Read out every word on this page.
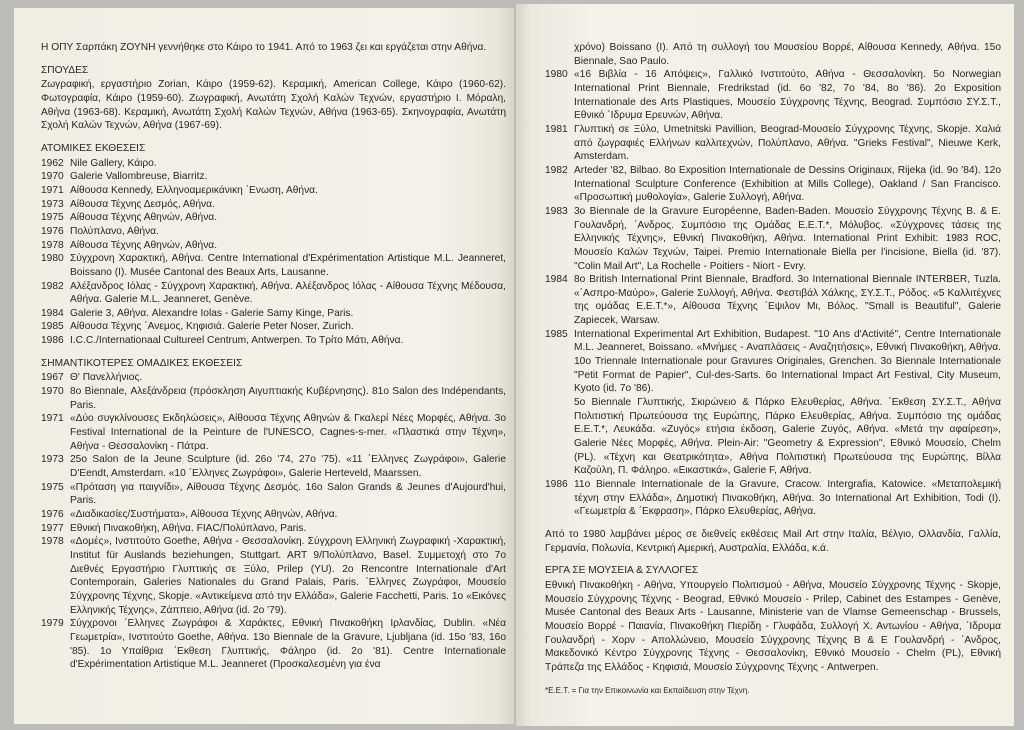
Η ΟΠΥ Σαρπάκη ΖΟΥΝΗ γεννήθηκε στο Κάιρο το 1941. Από το 1963 ζει και εργάζεται στην Αθήνα.

ΣΠΟΥΔΕΣ

Ζωγραφική, εργαστήριο Zorian, Κάιρο (1959-62). Κεραμική, American College, Κάιρο (1960-62). Φωτογραφία, Κάιρο (1959-60). Ζωγραφική, Ανωτάτη Σχολή Καλών Τεχνών, εργαστήριο Ι. Μόραλη, Αθήνα (1963-68). Κεραμική, Ανωτάτη Σχολή Καλών Τεχνών, Αθήνα (1963-65). Σκηνογραφία, Ανωτάτη Σχολή Καλών Τεχνών, Αθήνα (1967-69).

ΑΤΟΜΙΚΕΣ ΕΚΘΕΣΕΙΣ

1962 Nile Gallery, Κάιρο.
1970 Galerie Vallombreuse, Biarritz.
1971 Αίθουσα Kennedy, Ελληνοαμερικάνικη ΄Ενωση, Αθήνα.
1973 Αίθουσα Τέχνης Δεσμός, Αθήνα.
1975 Αίθουσα Τέχνης Αθηνών, Αθήνα.
1976 Πολύπλανο, Αθήνα.
1978 Αίθουσα Τέχνης Αθηνών, Αθήνα.
1980 Σύγχρονη Χαρακτική, Αθήνα. Centre International d'Expérimentation Artistique M.L. Jeanneret, Boissano (I). Musée Cantonal des Beaux Arts, Lausanne.
1982 Αλέξανδρος Ιόλας - Σύγχρονη Χαρακτική, Αθήνα. Αλέξανδρος Ιόλας - Αίθουσα Τέχνης Μέδουσα, Αθήνα. Galerie M.L. Jeanneret, Genève.
1984 Galerie 3, Αθήνα. Alexandre Iolas - Galerie Samy Kinge, Paris.
1985 Αίθουσα Τέχνης ΄Ανεμος, Κηφισιά. Galerie Peter Noser, Zurich.
1986 I.C.C./Internationaal Cultureel Centrum, Antwerpen. Το Τρίτο Μάτι, Αθήνα.

ΣΗΜΑΝΤΙΚΟΤΕΡΕΣ ΟΜΑΔΙΚΕΣ ΕΚΘΕΣΕΙΣ

1967 Θ' Πανελλήνιος.
1970 8ο Biennale, Αλεξάνδρεια (πρόσκληση Αιγυπτιακής Κυβέρνησης). 81ο Salon des Indépendants, Paris.
1971 «Δύο συγκλίνουσες Εκδηλώσεις», Αίθουσα Τέχνης Αθηνών & Γκαλερί Νέες Μορφές, Αθήνα. 3ο Festival International de la Peinture de l'UNESCO, Cagnes-s-mer. «Πλαστικά στην Τέχνη», Αθήνα - Θεσσαλονίκη - Πάτρα.
1973 25ο Salon de la Jeune Sculpture (id. 26ο '74, 27ο '75). «11 ΄Ελληνες Ζωγράφοι», Galerie D'Eendt, Amsterdam. «10 ΄Ελληνες Ζωγράφοι», Galerie Herteveld, Maarssen.
1975 «Πρόταση για παιγνίδι», Αίθουσα Τέχνης Δεσμός. 16ο Salon Grands & Jeunes d'Aujourd'hui, Paris.
1976 «Διαδικασίες/Συστήματα», Αίθουσα Τέχνης Αθηνών, Αθήνα.
1977 Εθνική Πινακοθήκη, Αθήνα. FIAC/Πολύπλανο, Paris.
1978 «Δομές», Ινστιτούτο Goethe, Αθήνα - Θεσσαλονίκη. Σύγχρονη Ελληνική Ζωγραφική -Χαρακτική, Institut für Auslands beziehungen, Stuttgart. ART 9/Πολύπλανο, Basel. Συμμετοχή στο 7ο Διεθνές Εργαστήριο Γλυπτικής σε Ξύλο, Prilep (YU). 2ο Rencontre Internationale d'Art Contemporain, Galeries Nationales du Grand Palais, Paris. ΄Ελληνες Ζωγράφοι, Μουσείο Σύγχρονης Τέχνης, Skopje. «Αντικείμενα από την Ελλάδα», Galerie Facchetti, Paris. 1ο «Εικόνες Ελληνικής Τέχνης», Ζάππειο, Αθήνα (id. 2ο '79).
1979 Σύγχρονοι ΄Ελληνες Ζωγράφοι & Χαράκτες, Εθνική Πινακοθήκη Ιρλανδίας, Dublin. «Νέα Γεωμετρία», Ινστιτούτο Goethe, Αθήνα. 13ο Biennale de la Gravure, Ljubljana (id. 15ο '83, 16ο '85). 1ο Υπαίθρια ΄Εκθεση Γλυπτικής, Φάληρο (id. 2ο '81). Centre Internationale d'Expérimentation Artistique M.L. Jeanneret (Προσκαλεσμένη για ένα
χρόνο) Boissano (I). Από τη συλλογή του Μουσείου Βορρέ, Αίθουσα Kennedy, Αθήνα. 15ο Biennale, Sao Paulo.
1980 «16 Βιβλία - 16 Απόψεις», Γαλλικό Ινστιτούτο, Αθήνα - Θεσσαλονίκη. 5ο Norwegian International Print Biennale, Fredrikstad (id. 6ο '82, 7ο '84, 8ο '86). 2ο Exposition Internationale des Arts Plastiques, Μουσείο Σύγχρονης Τέχνης, Beograd. Συμπόσιο ΣΥ.Σ.Τ., Εθνικό ΄Ιδρυμα Ερευνών, Αθήνα.
1981 Γλυπτική σε Ξύλο, Umetnitski Pavillion, Beograd-Μουσείο Σύγχρονης Τέχνης, Skopje. Χαλιά από ζωγραφιές Ελλήνων καλλιτεχνών, Πολύπλανο, Αθήνα. "Grieks Festival", Nieuwe Kerk, Amsterdam.
1982 Arteder '82, Bilbao. 8ο Exposition Internationale de Dessins Originaux, Rijeka (id. 9ο '84). 12ο International Sculpture Conference (Exhibition at Mills College), Oakland / San Francisco. «Προσωπική μυθολογία», Galerie Συλλογή, Αθήνα.
1983 3ο Biennale de la Gravure Européenne, Baden-Baden. Μουσείο Σύγχρονης Τέχνης Β. & Ε. Γουλανδρή, ΄Ανδρος. Συμπόσιο της Ομάδας Ε.Ε.Τ.*, Μόλυβος. «Σύγχρονες τάσεις της Ελληνικής Τέχνης», Εθνική Πινακοθήκη, Αθήνα. International Print Exhibit: 1983 ROC, Μουσείο Καλών Τεχνών, Taipei. Premio Internationale Biella per l'incisione, Biella (id. '87). "Colin Mail Art", La Rochelle - Poitiers - Niort - Evry.
1984 8ο British International Print Biennale, Bradford. 3ο International Biennale INTERBER, Tuzla. «΄Ασπρο-Μαύρο», Galerie Συλλογή, Αθήνα. Φεστιβάλ Χάλκης, ΣΥ.Σ.Τ., Ρόδος. «5 Καλλιτέχνες της ομάδας Ε.Ε.Τ.*», Αίθουσα Τέχνης ΄Εψιλον Μι, Βόλος. "Small is Beautiful", Galerie Zapiecek, Warsaw.
1985 International Experimental Art Exhibition, Budapest. "10 Ans d'Activité", Centre Internationale M.L. Jeanneret, Boissano. «Μνήμες - Αναπλάσεις - Αναζητήσεις», Εθνική Πινακοθήκη, Αθήνα. 10ο Triennale Internationale pour Gravures Originales, Grenchen. 3ο Biennale Internationale "Petit Format de Papier", Cul-des-Sarts. 6ο International Impact Art Festival, City Museum, Kyoto (id. 7ο '86).
5ο Biennale Γλυπτικής, Σκιρώνειο & Πάρκο Ελευθερίας, Αθήνα. ΄Εκθεση ΣΥ.Σ.Τ., Αθήνα Πολιτιστική Πρωτεύουσα της Ευρώπης, Πάρκο Ελευθερίας, Αθήνα. Συμπόσιο της ομάδας Ε.Ε.Τ.*, Λευκάδα. «Ζυγός» ετήσια έκδοση, Galerie Ζυγός, Αθήνα. «Μετά την αφαίρεση», Galerie Νέες Μορφές, Αθήνα. Plein-Air: "Geometry & Expression", Εθνικό Μουσείο, Chelm (PL). «Τέχνη και Θεατρικότητα», Αθήνα Πολιτιστική Πρωτεύουσα της Ευρώπης, Βίλλα Καζούλη, Π. Φάληρο. «Εικαστικά», Galerie F, Αθήνα.
1986 11ο Biennale Internationale de la Gravure, Cracow. Intergrafia, Katowice. «Μεταπολεμική τέχνη στην Ελλάδα», Δημοτική Πινακοθήκη, Αθήνα. 3ο International Art Exhibition, Todi (I). «Γεωμετρία & ΄Εκφραση», Πάρκο Ελευθερίας, Αθήνα.

Από το 1980 λαμβάνει μέρος σε διεθνείς εκθέσεις Mail Art στην Ιταλία, Βέλγιο, Ολλανδία, Γαλλία, Γερμανία, Πολωνία, Κεντρική Αμερική, Αυστραλία, Ελλάδα, κ.ά.

ΕΡΓΑ ΣΕ ΜΟΥΣΕΙΑ & ΣΥΛΛΟΓΕΣ

Εθνική Πινακοθήκη - Αθήνα, Υπουργείο Πολιτισμού - Αθήνα, Μουσείο Σύγχρονης Τέχνης - Skopje, Μουσείο Σύγχρονης Τέχνης - Beograd, Εθνικό Μουσείο - Prilep, Cabinet des Estampes - Genève, Musée Cantonal des Beaux Arts - Lausanne, Ministerie van de Vlamse Gemeenschap - Brussels, Μουσείο Βορρέ - Παιανία, Πινακοθήκη Πιερίδη - Γλυφάδα, Συλλογή Χ. Αντωνίου - Αθήνα, ΄Ιδρυμα Γουλανδρή - Χορν - Απολλώνειο, Μουσείο Σύγχρονης Τέχνης Β & Ε Γουλανδρή - ΄Ανδρος, Μακεδονικό Κέντρο Σύγχρονης Τέχνης - Θεσσαλονίκη, Εθνικό Μουσείο - Chelm (PL), Εθνική Τράπεζα της Ελλάδος - Κηφισιά, Μουσείο Σύγχρονης Τέχνης - Antwerpen.

*Ε.Ε.Τ. = Για την Επικοινωνία και Εκπαίδευση στην Τέχνη.
